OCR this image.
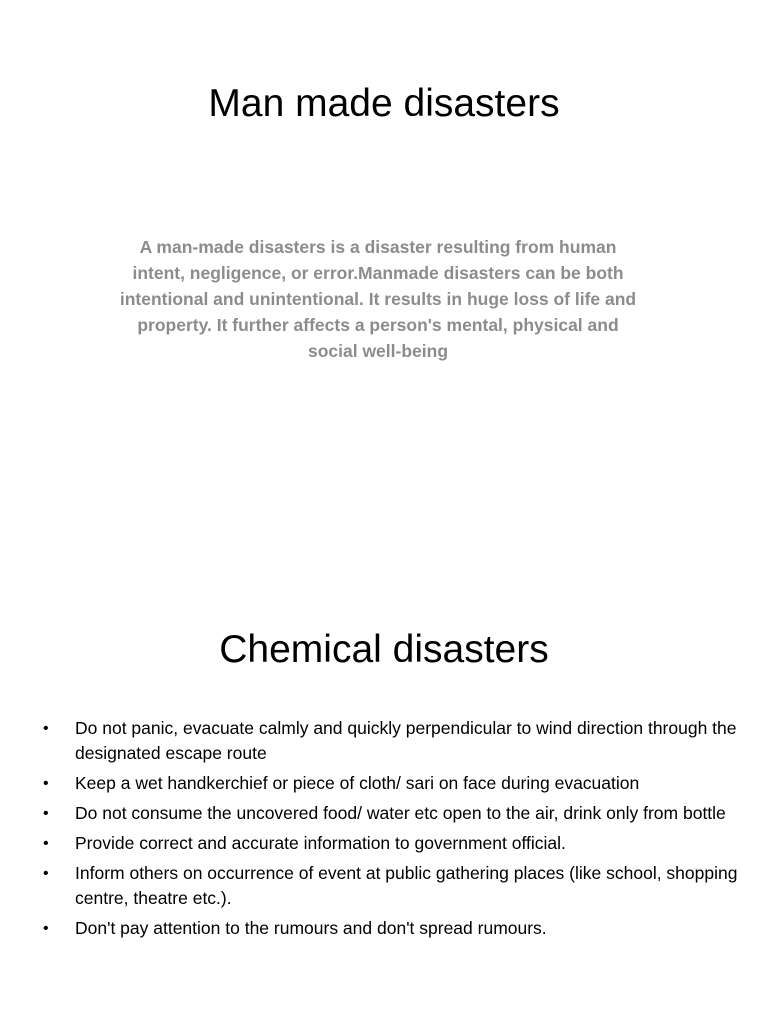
Man made disasters

A man-made disasters is a disaster resulting from human intent, negligence, or error.Manmade disasters can be both intentional and unintentional. It results in huge loss of life and property. It further affects a person's mental, physical and social well-being

Chemical disasters
• Do not panic, evacuate calmly and quickly perpendicular to wind direction through the designated escape route
• Keep a wet handkerchief or piece of cloth/ sari on face during evacuation
• Do not consume the uncovered food/ water etc open to the air, drink only from bottle
• Provide correct and accurate information to government official.
• Inform others on occurrence of event at public gathering places (like school, shopping centre, theatre etc.).
• Don't pay attention to the rumours and don't spread rumours.
